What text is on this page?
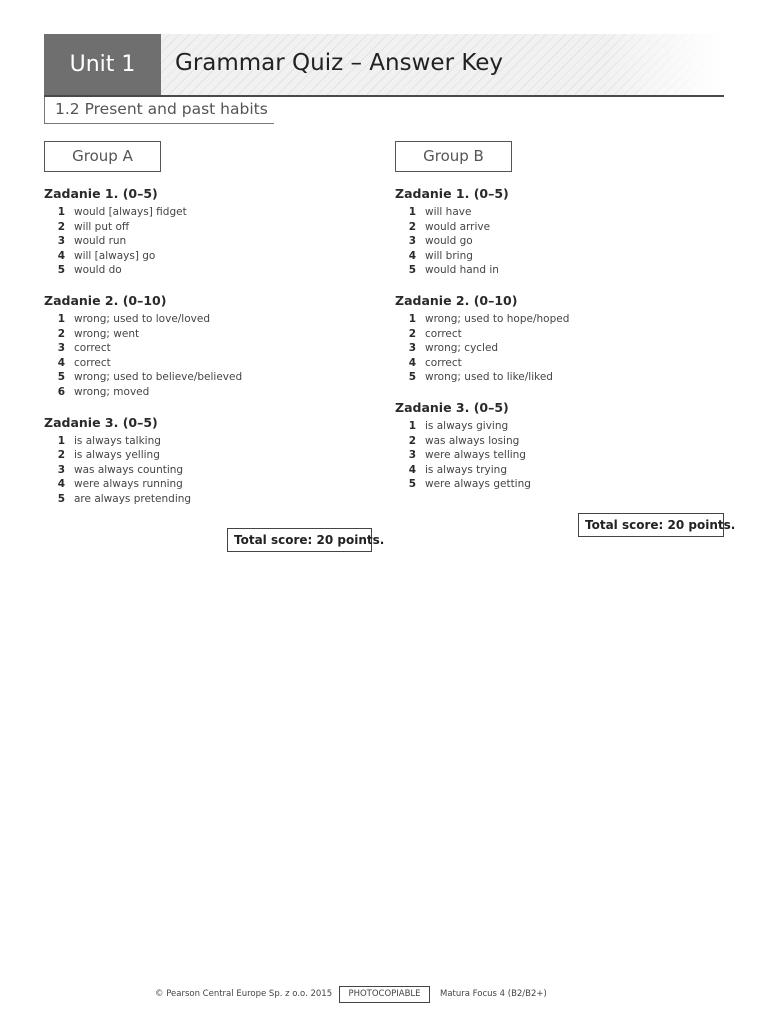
Unit 1	Grammar Quiz – Answer Key
1.2 Present and past habits
Group A
Zadanie 1. (0–5)
1 would [always] fidget
2 will put off
3 would run
4 will [always] go
5 would do
Zadanie 2. (0–10)
1 wrong; used to love/loved
2 wrong; went
3 correct
4 correct
5 wrong; used to believe/believed
6 wrong; moved
Zadanie 3. (0–5)
1 is always talking
2 is always yelling
3 was always counting
4 were always running
5 are always pretending
Group B
Zadanie 1. (0–5)
1 will have
2 would arrive
3 would go
4 will bring
5 would hand in
Zadanie 2. (0–10)
1 wrong; used to hope/hoped
2 correct
3 wrong; cycled
4 correct
5 wrong; used to like/liked
Zadanie 3. (0–5)
1 is always giving
2 was always losing
3 were always telling
4 is always trying
5 were always getting
Total score: 20 points.
Total score: 20 points.
© Pearson Central Europe Sp. z o.o. 2015	PHOTOCOPIABLE	Matura Focus 4 (B2/B2+)
